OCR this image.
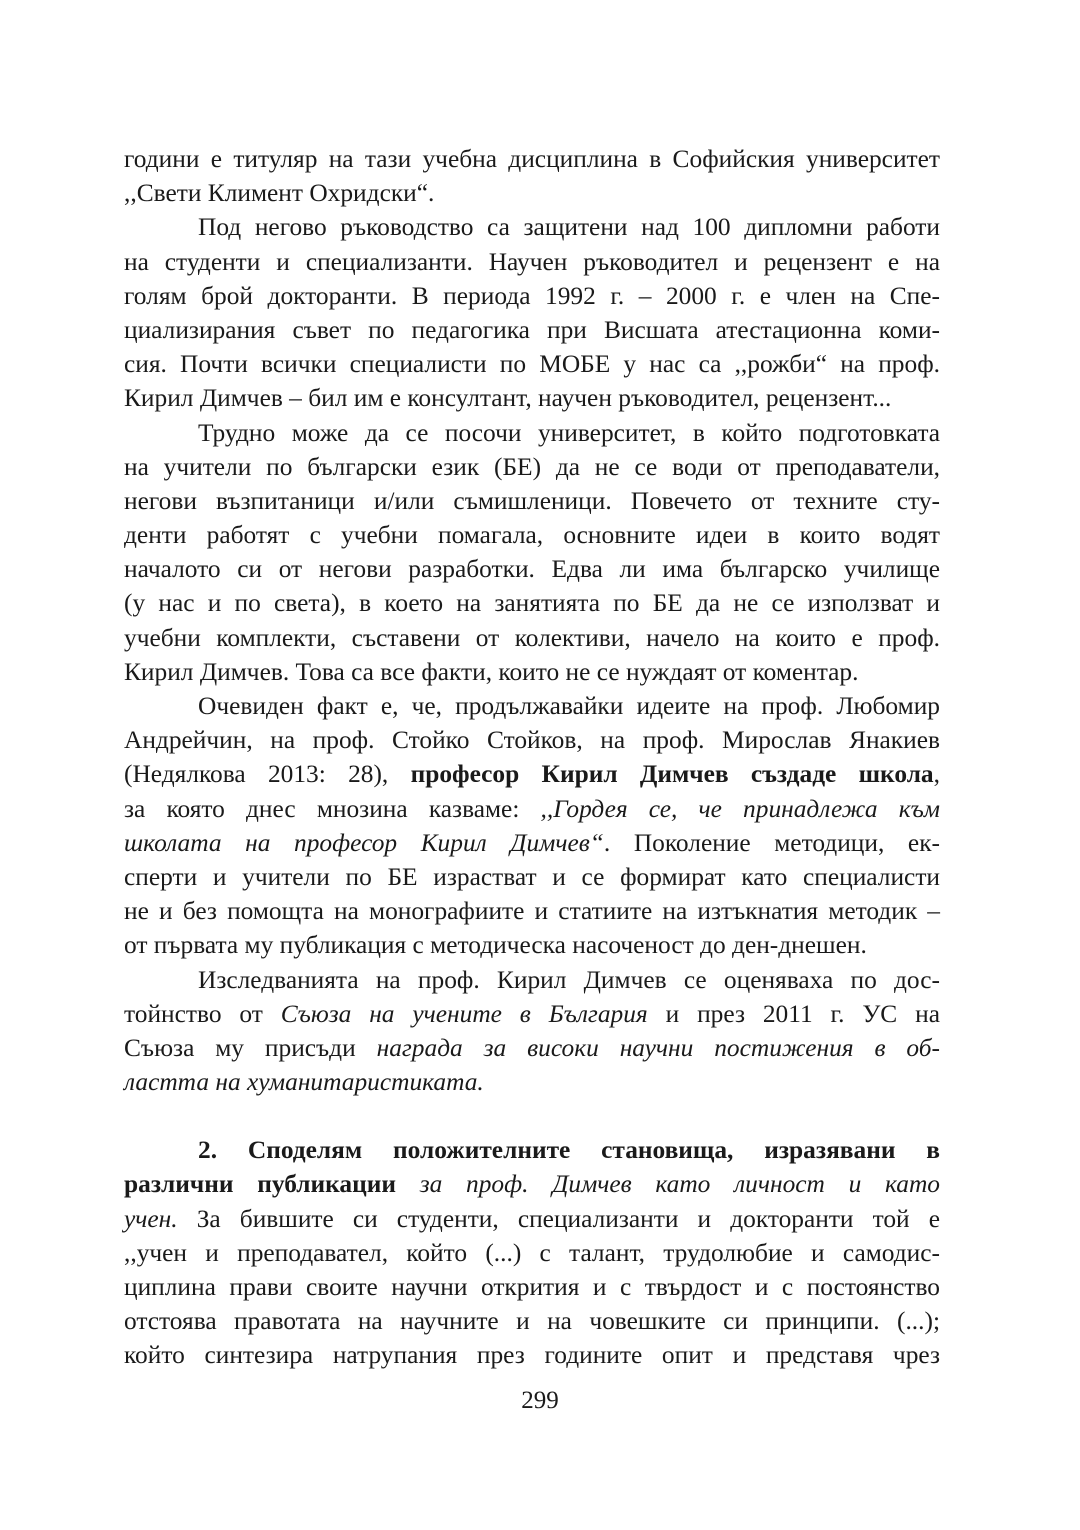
години е титуляр на тази учебна дисциплина в Софийския университет
,,Свети Климент Охридски“.
Под негово ръководство са защитени над 100 дипломни работи
на студенти и специализанти. Научен ръководител и рецензент е на
голям брой докторанти. В периода 1992 г. – 2000 г. е член на Спе-
циализирания съвет по педагогика при Висшата атестационна коми-
сия. Почти всички специалисти по МОБЕ у нас са ,,рожби“ на проф.
Кирил Димчев – бил им е консултант, научен ръководител, рецензент...
Трудно може да се посочи университет, в който подготовката
на учители по български език (БЕ) да не се води от преподаватели,
негови възпитаници и/или съмишленици. Повечето от техните сту-
денти работят с учебни помагала, основните идеи в които водят
началото си от негови разработки. Едва ли има българско училище
(у нас и по света), в което на занятията по БЕ да не се използват и
учебни комплекти, съставени от колективи, начело на които е проф.
Кирил Димчев. Това са все факти, които не се нуждаят от коментар.
Очевиден факт е, че, продължавайки идеите на проф. Любомир
Андрейчин, на проф. Стойко Стойков, на проф. Мирослав Янакиев
(Недялкова 2013: 28), професор Кирил Димчев създаде школа,
за която днес мнозина казваме: ,,Гордея се, че принадлежа към
школата на професор Кирил Димчев“. Поколение методици, ек-
сперти и учители по БЕ израстват и се формират като специалисти
не и без помощта на монографиите и статиите на изтъкнатия методик –
от първата му публикация с методическа насоченост до ден-днешен.
Изследванията на проф. Кирил Димчев се оценяваха по дос-
тойнство от Съюза на учените в България и през 2011 г. УС на
Съюза му присъди награда за високи научни постижения в об-
ластта на хуманитаристиката.
2. Споделям положителните становища, изразявани в
различни публикации за проф. Димчев като личност и като
учен. За бившите си студенти, специализанти и докторанти той е
,,учен и преподавател, който (...) с талант, трудолюбие и самодис-
циплина прави своите научни открития и с твърдост и с постоянство
отстоява правотата на научните и на човешките си принципи. (...);
който синтезира натрупания през годините опит и представя чрез
299
